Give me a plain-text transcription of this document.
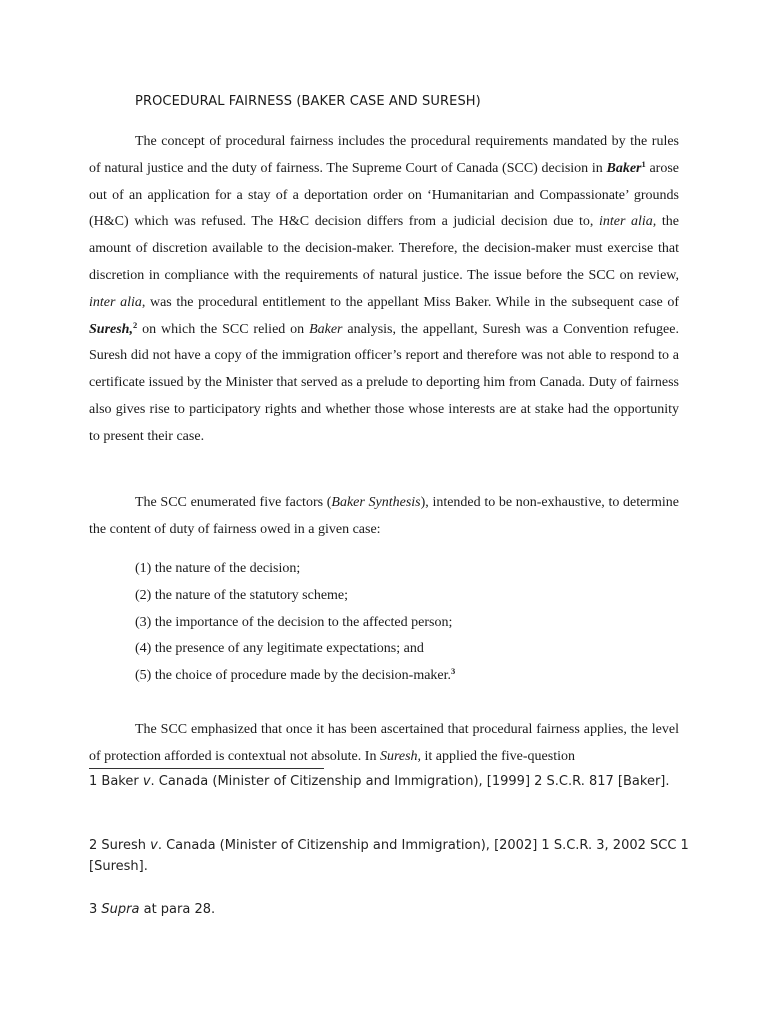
PROCEDURAL FAIRNESS (BAKER CASE AND SURESH)

The concept of procedural fairness includes the procedural requirements mandated by the rules of natural justice and the duty of fairness. The Supreme Court of Canada (SCC) decision in Baker$^1$ arose out of an application for a stay of a deportation order on ‘Humanitarian and Compassionate’ grounds (H&C) which was refused. The H&C decision differs from a judicial decision due to, inter alia, the amount of discretion available to the decision-maker. Therefore, the decision-maker must exercise that discretion in compliance with the requirements of natural justice. The issue before the SCC on review, inter alia, was the procedural entitlement to the appellant Miss Baker. While in the subsequent case of Suresh,$^2$ on which the SCC relied on Baker analysis, the appellant, Suresh was a Convention refugee. Suresh did not have a copy of the immigration officer’s report and therefore was not able to respond to a certificate issued by the Minister that served as a prelude to deporting him from Canada. Duty of fairness also gives rise to participatory rights and whether those whose interests are at stake had the opportunity to present their case.

The SCC enumerated five factors (Baker Synthesis), intended to be non-exhaustive, to determine the content of duty of fairness owed in a given case:

(1) the nature of the decision;
(2) the nature of the statutory scheme;
(3) the importance of the decision to the affected person;
(4) the presence of any legitimate expectations; and
(5) the choice of procedure made by the decision-maker.$^3$

The SCC emphasized that once it has been ascertained that procedural fairness applies, the level of protection afforded is contextual not absolute. In Suresh, it applied the five-question

1 Baker v. Canada (Minister of Citizenship and Immigration), [1999] 2 S.C.R. 817 [Baker].

2 Suresh v. Canada (Minister of Citizenship and Immigration), [2002] 1 S.C.R. 3, 2002 SCC 1 [Suresh].

3 Supra at para 28.
